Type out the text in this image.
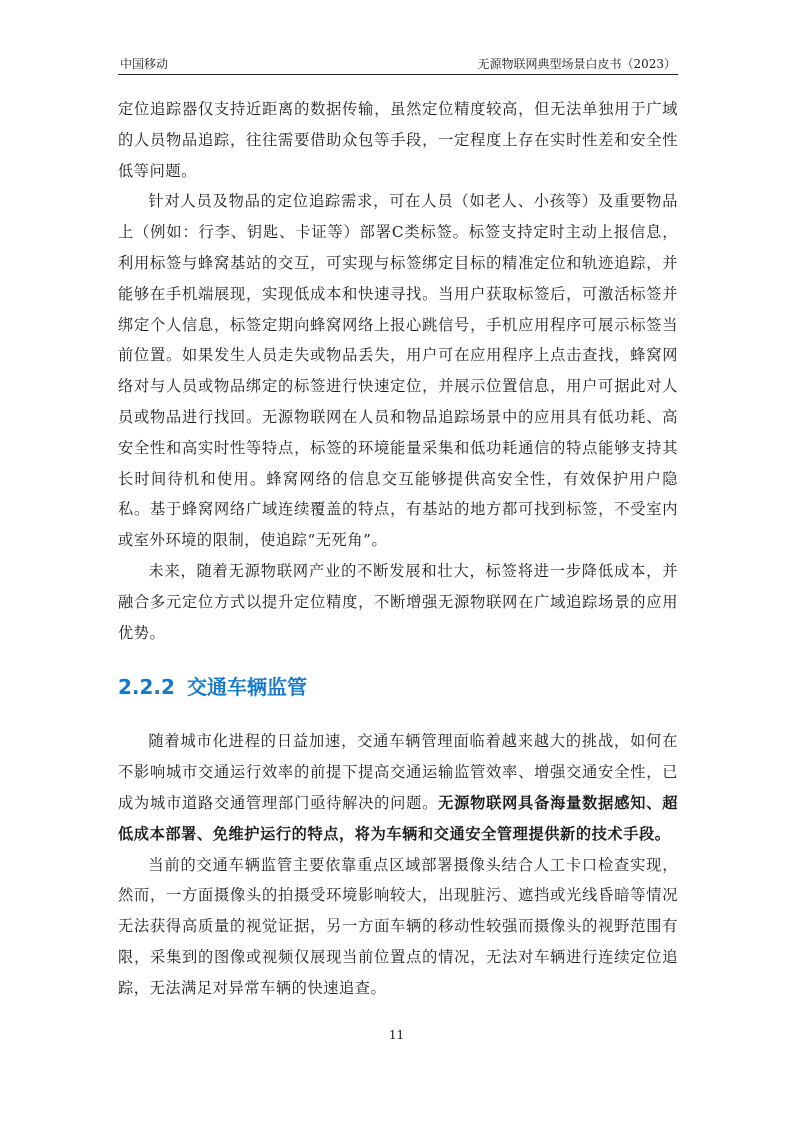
中国移动	无源物联网典型场景白皮书（2023）

定位追踪器仅支持近距离的数据传输，虽然定位精度较高，但无法单独用于广域的人员物品追踪，往往需要借助众包等手段，一定程度上存在实时性差和安全性低等问题。

针对人员及物品的定位追踪需求，可在人员（如老人、小孩等）及重要物品上（例如：行李、钥匙、卡证等）部署C类标签。标签支持定时主动上报信息，利用标签与蜂窝基站的交互，可实现与标签绑定目标的精准定位和轨迹追踪，并能够在手机端展现，实现低成本和快速寻找。当用户获取标签后，可激活标签并绑定个人信息，标签定期向蜂窝网络上报心跳信号，手机应用程序可展示标签当前位置。如果发生人员走失或物品丢失，用户可在应用程序上点击查找，蜂窝网络对与人员或物品绑定的标签进行快速定位，并展示位置信息，用户可据此对人员或物品进行找回。无源物联网在人员和物品追踪场景中的应用具有低功耗、高安全性和高实时性等特点，标签的环境能量采集和低功耗通信的特点能够支持其长时间待机和使用。蜂窝网络的信息交互能够提供高安全性，有效保护用户隐私。基于蜂窝网络广域连续覆盖的特点，有基站的地方都可找到标签，不受室内或室外环境的限制，使追踪“无死角”。

未来，随着无源物联网产业的不断发展和壮大，标签将进一步降低成本，并融合多元定位方式以提升定位精度，不断增强无源物联网在广域追踪场景的应用优势。

2.2.2 交通车辆监管

随着城市化进程的日益加速，交通车辆管理面临着越来越大的挑战，如何在不影响城市交通运行效率的前提下提高交通运输监管效率、增强交通安全性，已成为城市道路交通管理部门亟待解决的问题。无源物联网具备海量数据感知、超低成本部署、免维护运行的特点，将为车辆和交通安全管理提供新的技术手段。

当前的交通车辆监管主要依靠重点区域部署摄像头结合人工卡口检查实现，然而，一方面摄像头的拍摄受环境影响较大，出现脏污、遮挡或光线昏暗等情况无法获得高质量的视觉证据，另一方面车辆的移动性较强而摄像头的视野范围有限，采集到的图像或视频仅展现当前位置点的情况，无法对车辆进行连续定位追踪，无法满足对异常车辆的快速追查。

11
